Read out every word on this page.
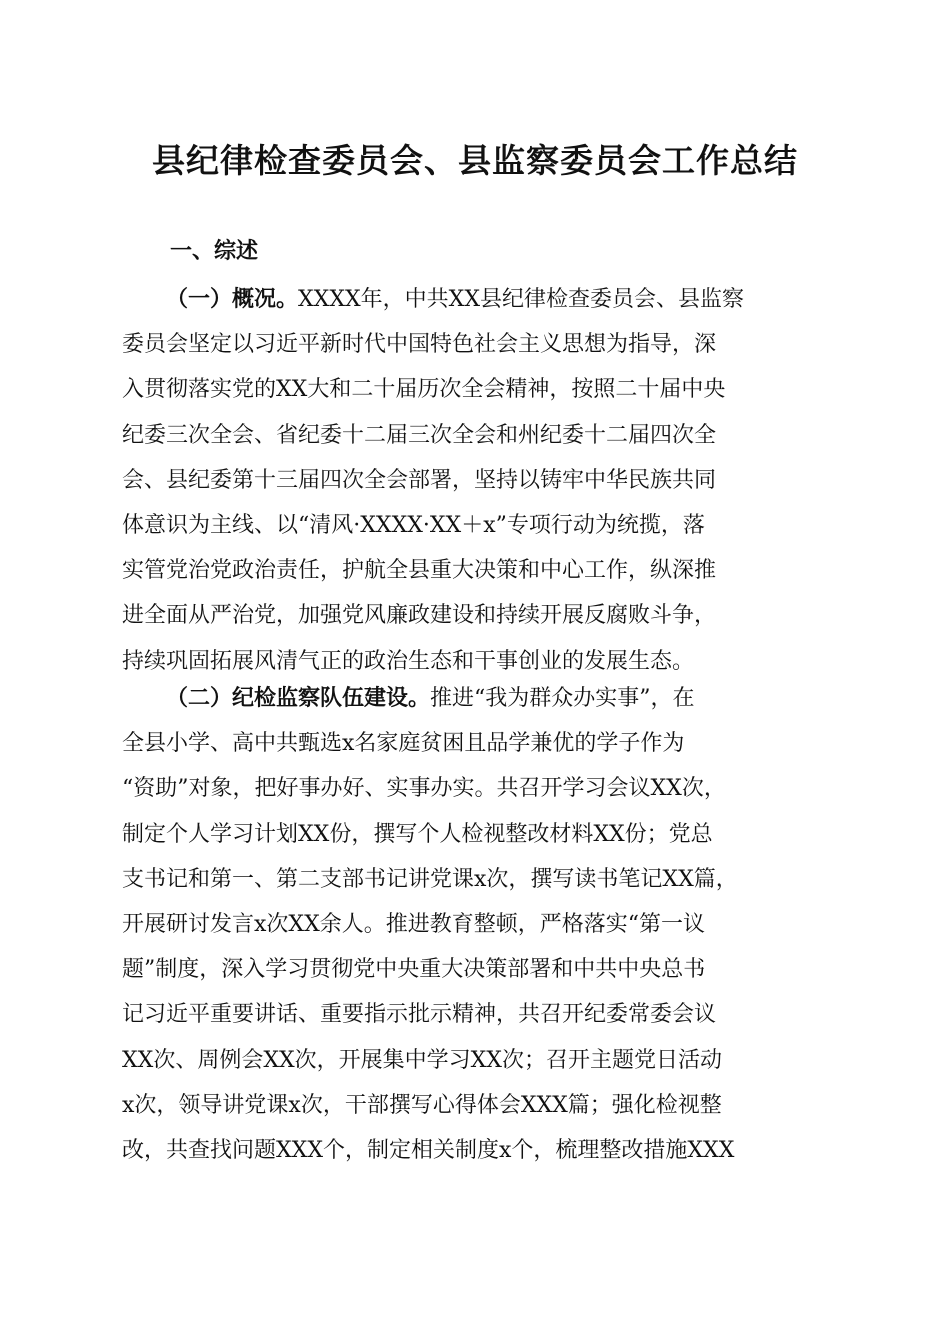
县纪律检查委员会、县监察委员会工作总结
一、综述
（一）概况。XXXX年，中共XX县纪律检查委员会、县监察
委员会坚定以习近平新时代中国特色社会主义思想为指导，深
入贯彻落实党的XX大和二十届历次全会精神，按照二十届中央
纪委三次全会、省纪委十二届三次全会和州纪委十二届四次全
会、县纪委第十三届四次全会部署，坚持以铸牢中华民族共同
体意识为主线、以“清风·XXXX·XX＋x”专项行动为统揽，落
实管党治党政治责任，护航全县重大决策和中心工作，纵深推
进全面从严治党，加强党风廉政建设和持续开展反腐败斗争，
持续巩固拓展风清气正的政治生态和干事创业的发展生态。
（二）纪检监察队伍建设。推进“我为群众办实事”，在
全县小学、高中共甄选x名家庭贫困且品学兼优的学子作为
“资助”对象，把好事办好、实事办实。共召开学习会议XX次，
制定个人学习计划XX份，撰写个人检视整改材料XX份；党总
支书记和第一、第二支部书记讲党课x次，撰写读书笔记XX篇，
开展研讨发言x次XX余人。推进教育整顿，严格落实“第一议
题”制度，深入学习贯彻党中央重大决策部署和中共中央总书
记习近平重要讲话、重要指示批示精神，共召开纪委常委会议
XX次、周例会XX次，开展集中学习XX次；召开主题党日活动
x次，领导讲党课x次，干部撰写心得体会XXX篇；强化检视整
改，共查找问题XXX个，制定相关制度x个，梳理整改措施XXX
